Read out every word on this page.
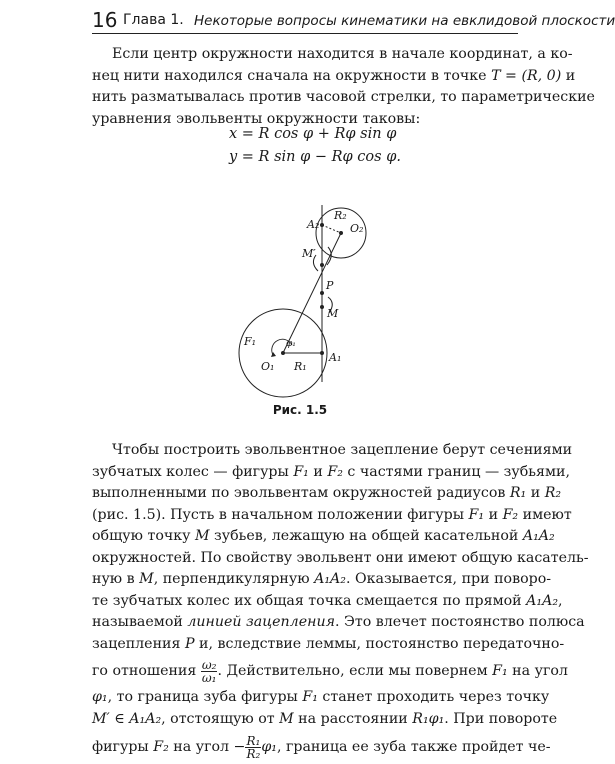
16 Глава 1. Некоторые вопросы кинематики на евклидовой плоскости
Если центр окружности находится в начале координат, а ко-
нец нити находился сначала на окружности в точке T = (R, 0) и
нить разматывалась против часовой стрелки, то параметрические
уравнения эвольвенты окружности таковы:
x = R cos φ + Rφ sin φ
y = R sin φ − Rφ cos φ.
A₂
R₂
O₂
M′
P
M
F₁	φ₁
O₁ R₁
A₁
Рис. 1.5
Чтобы построить эвольвентное зацепление берут сечениями
зубчатых колес — фигуры F₁ и F₂ с частями границ — зубьями,
выполненными по эвольвентам окружностей радиусов R₁ и R₂
(рис. 1.5). Пусть в начальном положении фигуры F₁ и F₂ имеют
общую точку M зубьев, лежащую на общей касательной A₁A₂
окружностей. По свойству эвольвент они имеют общую касатель-
ную в M, перпендикулярную A₁A₂. Оказывается, при поворо-
те зубчатых колес их общая точка смещается по прямой A₁A₂,
называемой линией зацепления. Это влечет постоянство полюса
зацепления P и, вследствие леммы, постоянство передаточно-
го отношения $\frac{\text{ω₂}}{\text{ω₁}}$ . Действительно, если мы повернем F₁ на угол
φ₁, то граница зуба фигуры F₁ станет проходить через точку
M′ ∈ A₁A₂, отстоящую от M на расстоянии R₁φ₁. При повороте
фигуры F₂ на угол − $\frac{\text{R₁}}{\text{R₂}} \varphi_1$, граница ее зуба также пройдет че-
